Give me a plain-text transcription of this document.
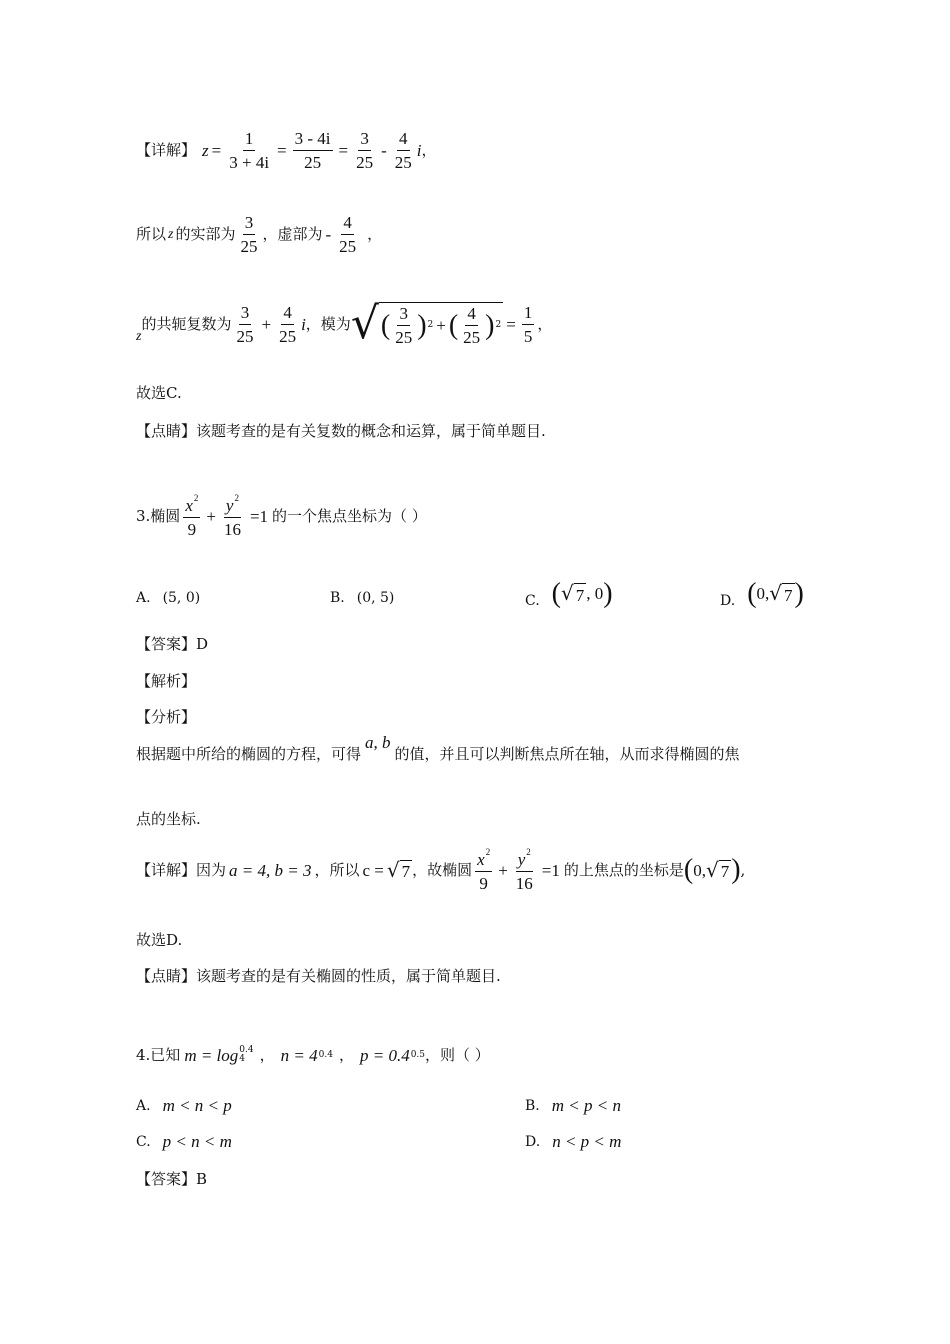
【详解】 $z = \frac{1}{3 + 4i} = \frac{3 - 4i}{25} = \frac{3}{25} - \frac{4}{25}$ i ，
所以 z 的实部为 $\frac{3}{25}$ ，虚部为 - $\frac{4}{25}$ ，
z
的共轭复数为 $\frac{3}{25} + \frac{4}{25}$ i ，模为 √ ( $\frac{3}{25}$ ) 2 + ( $\frac{4}{25}$ ) $2 = \frac{1}{5}$ ，
故选C.
【点睛】该题考查的是有关复数的概念和运算，属于简单题目.
3.椭圆 $\frac{x^2}{9} + \frac{y^2}{16} =1$ 的一个焦点坐标为（ ）
A. (5, 0)	B. (0, 5)	C. ( √ 7 , 0 )	D. ( 0, √ 7 )
【答案】D
【解析】
【分析】
根据题中所给的椭圆的方程，可得
a, b
的值，并且可以判断焦点所在轴，从而求得椭圆的焦
点的坐标.
【详解】因为 a = 4, b = 3 ，所以 c = √ 7 ，故椭圆 $\frac{x^2}{9} + \frac{y^2}{16} =1$ 的上焦点的坐标是 ( 0, √ 7 ) ,
故选D.
【点睛】该题考查的是有关椭圆的性质，属于简单题目.
4.已知 m = log 0.4
4 ， n = 4 0.4 ， p = 0.4 0.5 ，则（ ）
A. m < n < p	B. m < p < n
C. p < n < m	D. n < p < m
【答案】B
